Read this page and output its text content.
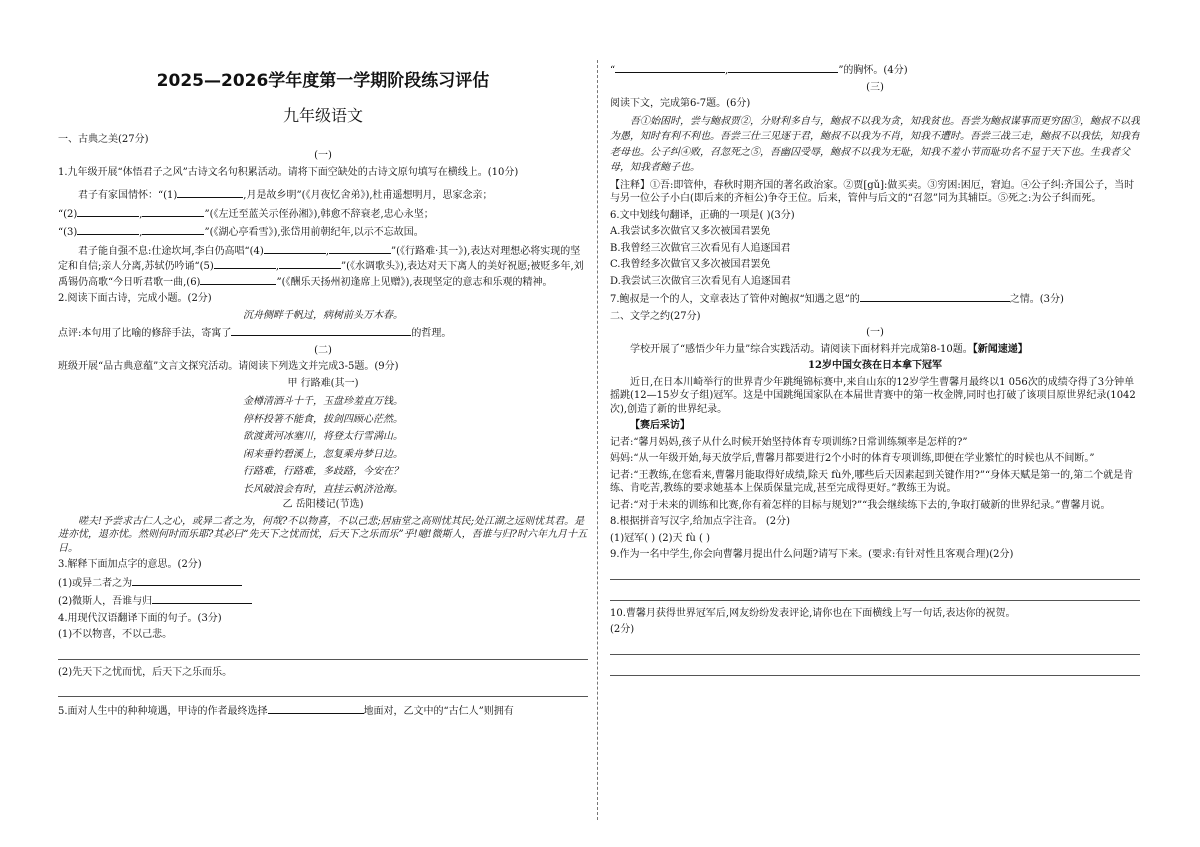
2025—2026学年度第一学期阶段练习评估
九年级语文

一、古典之美(27分)

(一)

1.九年级开展“体悟君子之风”古诗文名句积累活动。请将下面空缺处的古诗文原句填写在横线上。(10分)

君子有家国情怀：“(1)	,月是故乡明”(《月夜忆舍弟》),杜甫遥想明月，思家念亲；

“(2)	,	”(《左迁至蓝关示侄孙湘》),韩愈不辞衰老,忠心永坚；

“(3)	,	”(《湖心亭看雪》),张岱用前朝纪年,以示不忘故国。

君子能自强不息:仕途坎坷,李白仍高唱“(4)	,	”(《行路难·其一》),表达对理想必将实现的坚定和自信;亲人分离,苏轼仍吟诵“(5)	,	”(《水调歌头》),表达对天下离人的美好祝愿;被贬多年,刘禹锡仍高歌“今日听君歌一曲,(6)	”(《酬乐天扬州初逢席上见赠》),表现坚定的意志和乐观的精神。

2.阅读下面古诗，完成小题。(2分)

沉舟侧畔千帆过，病树前头万木春。

点评:本句用了比喻的修辞手法，寄寓了	的哲理。

(二)

班级开展“品古典意蕴”文言文探究活动。请阅读下列选文并完成3-5题。(9分)

甲 行路难(其一)

金樽清酒斗十千，玉盘珍羞直万钱。
停杯投箸不能食，拔剑四顾心茫然。
欲渡黄河冰塞川，将登太行雪满山。
闲来垂钓碧溪上，忽复乘舟梦日边。
行路难，行路难，多歧路，今安在？
长风破浪会有时，直挂云帆济沧海。

乙 岳阳楼记(节选)

嗟夫!予尝求古仁人之心，或异二者之为，何哉?不以物喜，不以己悲;居庙堂之高则忧其民;处江湖之远则忧其君。是进亦忧，退亦忧。然则何时而乐耶?其必曰“先天下之忧而忧，后天下之乐而乐”乎!噫!微斯人，吾谁与归?时六年九月十五日。

3.解释下面加点字的意思。(2分)

(1)或异二者之为

(2)微斯人，吾谁与归

4.用现代汉语翻译下面的句子。(3分)

(1)不以物喜，不以己悲。

(2)先天下之忧而忧，后天下之乐而乐。

5.面对人生中的种种境遇，甲诗的作者最终选择	地面对，乙文中的“古仁人”则拥有

“	,	”的胸怀。(4分)

(三)

阅读下文，完成第6-7题。(6分)

吾①始困时，尝与鲍叔贾②，分财利多自与，鲍叔不以我为贪，知我贫也。吾尝为鲍叔谋事而更穷困③，鲍叔不以我为愚，知时有利不利也。吾尝三仕三见逐于君，鲍叔不以我为不肖，知我不遭时。吾尝三战三走，鲍叔不以我怯，知我有老母也。公子纠④败，召忽死之⑤，吾幽囚受辱，鲍叔不以我为无耻，知我不羞小节而耻功名不显于天下也。生我者父母，知我者鲍子也。

【注释】①吾:即管仲，春秋时期齐国的著名政治家。②贾[gǔ]:做买卖。③穷困:困厄，窘迫。④公子纠:齐国公子，当时与另一位公子小白(即后来的齐桓公)争夺王位。后来，管仲与后文的“召忽”同为其辅臣。⑤死之:为公子纠而死。

6.文中划线句翻译，正确的一项是( )(3分)

A.我尝试多次做官又多次被国君罢免

B.我曾经三次做官三次看见有人追逐国君

C.我曾经多次做官又多次被国君罢免

D.我尝试三次做官三次看见有人追逐国君

7.鲍叔是一个的人，文章表达了管仲对鲍叔“知遇之恩”的	之情。(3分)

二、文学之约(27分)

(一)

学校开展了“感悟少年力量”综合实践活动。请阅读下面材料并完成第8-10题。【新闻速递】

12岁中国女孩在日本拿下冠军

近日,在日本川崎举行的世界青少年跳绳锦标赛中,来自山东的12岁学生曹馨月最终以1 056次的成绩夺得了3分钟单摇跳(12—15岁女子组)冠军。这是中国跳绳国家队在本届世青赛中的第一枚金牌,同时也打破了该项目原世界纪录(1042次),创造了新的世界纪录。

【赛后采访】

记者:“馨月妈妈,孩子从什么时候开始坚持体育专项训练?日常训练频率是怎样的?”

妈妈:“从一年级开始,每天放学后,曹馨月都要进行2个小时的体育专项训练,即便在学业繁忙的时候也从不间断。”

记者:“王教练,在您看来,曹馨月能取得好成绩,除天 fù外,哪些后天因素起到关键作用?”“身体天赋是第一的,第二个就是肯练、肯吃苦,教练的要求她基本上保质保量完成,甚至完成得更好。”教练王为说。

记者:“对于未来的训练和比赛,你有着怎样的目标与规划?”“我会继续练下去的,争取打破新的世界纪录。”曹馨月说。

8.根据拼音写汉字,给加点字注音。 (2分)

(1)冠军( ) (2)天 fù ( )

9.作为一名中学生,你会向曹馨月提出什么问题?请写下来。(要求:有针对性且客观合理)(2分)

10.曹馨月获得世界冠军后,网友纷纷发表评论,请你也在下面横线上写一句话,表达你的祝贺。

(2分)
